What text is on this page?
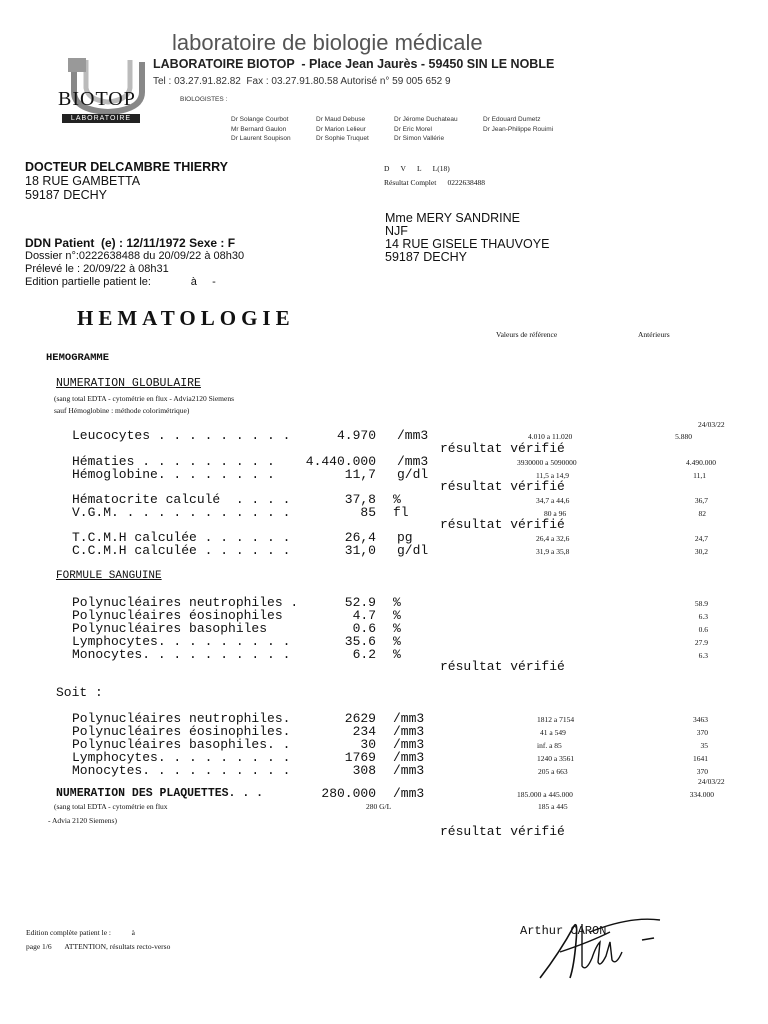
BIOTOP

LABORATOIRE

laboratoire de biologie médicale
LABORATOIRE BIOTOP  - Place Jean Jaurès - 59450 SIN LE NOBLE
Tel : 03.27.91.82.82  Fax : 03.27.91.80.58 Autorisé n° 59 005 652 9
BIOLOGISTES :

Dr Solange Courbot
Mr Bernard Gaulon
Dr Laurent Soupison

Dr Maud Debuse
Dr Marion Lelieur
Dr Sophie Truquet

Dr Jérome Duchateau
Dr Eric Morel
Dr Simon Vallérie

Dr Edouard Dumetz
Dr Jean-Philippe Rouimi

DOCTEUR DELCAMBRE THIERRY
18 RUE GAMBETTA
59187 DECHY
D      V      L      L(18)
Résultat Complet      0222638488
Mme MERY SANDRINE
NJF
14 RUE GISELE THAUVOYE
59187 DECHY
DDN Patient  (e) : 12/11/1972 Sexe : F
Dossier n°:0222638488 du 20/09/22 à 08h30
Prélevé le : 20/09/22 à 08h31
Edition partielle patient le:             à     -
HEMATOLOGIE
Valeurs de référence	Antérieurs
HEMOGRAMME
NUMERATION GLOBULAIRE
(sang total EDTA - cytométrie en flux - Advia2120 Siemens
sauf Hémoglobine : méthode colorimétrique)
24/03/22
Leucocytes . . . . . . . . .	4.970 /mm3	4.010 a 11.020	5.880
résultat vérifié
Hématies . . . . . . . . .	4.440.000 /mm3	3930000 a 5090000	4.490.000
Hémoglobine. . . . . . . .	11,7 g/dl	11,5 a 14,9	11,1
résultat vérifié
Hématocrite calculé  . . . .	37,8 %	34,7 a 44,6	36,7
V.G.M. . . . . . . . . . . .	85 fl	80 a 96	82
résultat vérifié
T.C.M.H calculée . . . . . .	26,4 pg	26,4 a 32,6	24,7
C.C.M.H calculée . . . . . .	31,0 g/dl	31,9 a 35,8	30,2
FORMULE SANGUINE
Polynucléaires neutrophiles .	52.9 %	58.9
Polynucléaires éosinophiles	4.7 %	6.3
Polynucléaires basophiles	0.6 %	0.6
Lymphocytes. . . . . . . . .	35.6 %	27.9
Monocytes. . . . . . . . . .	6.2 %	6.3
résultat vérifié
Soit :
Polynucléaires neutrophiles.	2629 /mm3	1812 a 7154	3463
Polynucléaires éosinophiles.	234 /mm3	41 a 549	370
Polynucléaires basophiles. .	30 /mm3	inf. a 85	35
Lymphocytes. . . . . . . . .	1769 /mm3	1240 a 3561	1641
Monocytes. . . . . . . . . .	308 /mm3	205 a 663	370
24/03/22
NUMERATION DES PLAQUETTES. . .	280.000 /mm3	185.000 a 445.000	334.000
(sang total EDTA - cytométrie en flux	280 G/L	185 a 445
- Advia 2120 Siemens)
résultat vérifié
Edition complète patient le :           à
page 1/6       ATTENTION, résultats recto-verso
Arthur CARON
